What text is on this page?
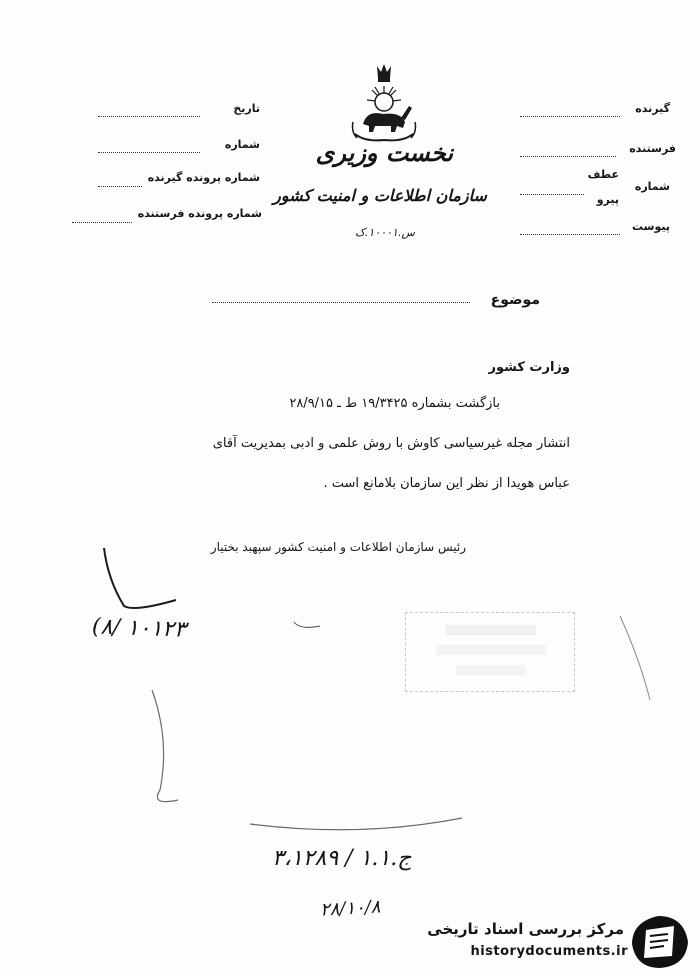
نخست وزیری
سازمان اطلاعات و امنیت کشور
س.۱۰۰۰۱.ک
تاریخ
شماره
شماره پرونده گیرنده
شماره پرونده فرستنده
گیرنده
فرستنده
عطف
شماره
پیرو
پیوست
موضوع
وزارت کشور
بازگشت بشماره ۱۹/۳۴۲۵ ط ـ ۲۸/۹/۱۵
انتشار مجله غیرسیاسی کاوش با روش علمی و ادبی بمدیریت آقای
عباس هویدا از نظر این سازمان بلامانع است .
رئیس سازمان اطلاعات و امنیت کشور سپهبد بختیار
(۸/ ۱۰۱۲۳
۳،۱۲۸۹ / ۱.۱.ج
۲۸/۱۰/۸
مرکز بررسی اسناد تاریخی
historydocuments.ir
